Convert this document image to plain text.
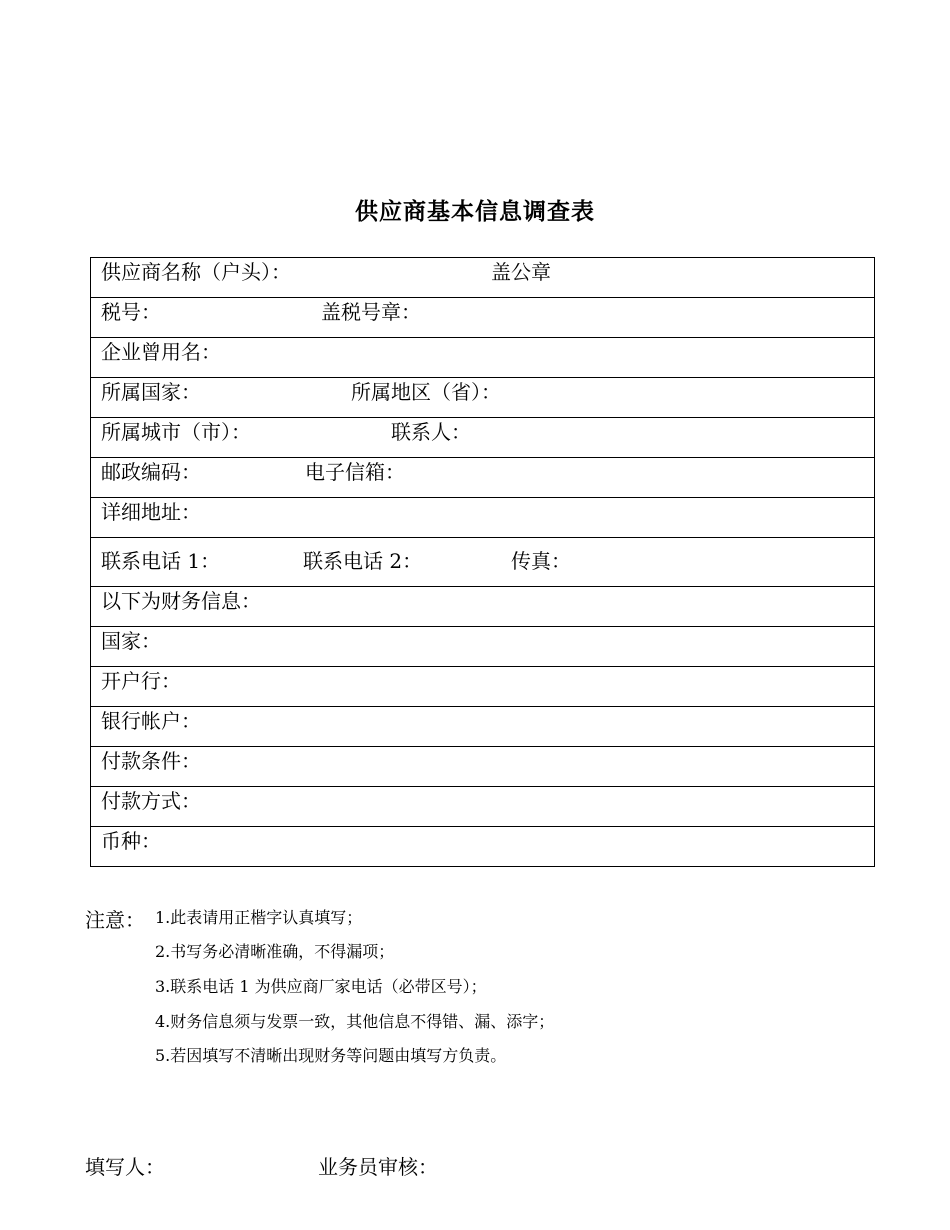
供应商基本信息调查表
供应商名称（户头）：	盖公章
税号：	盖税号章：
企业曾用名：
所属国家：	所属地区（省）：
所属城市（市）：	联系人：
邮政编码：	电子信箱：
详细地址：
联系电话 1：	联系电话 2：	传真：
以下为财务信息：
国家：
开户行：
银行帐户：
付款条件：
付款方式：
币种：
注意： 1.此表请用正楷字认真填写；
2.书写务必清晰准确，不得漏项；
3.联系电话 1 为供应商厂家电话（必带区号）；
4.财务信息须与发票一致，其他信息不得错、漏、添字；
5.若因填写不清晰出现财务等问题由填写方负责。
填写人：	业务员审核：
